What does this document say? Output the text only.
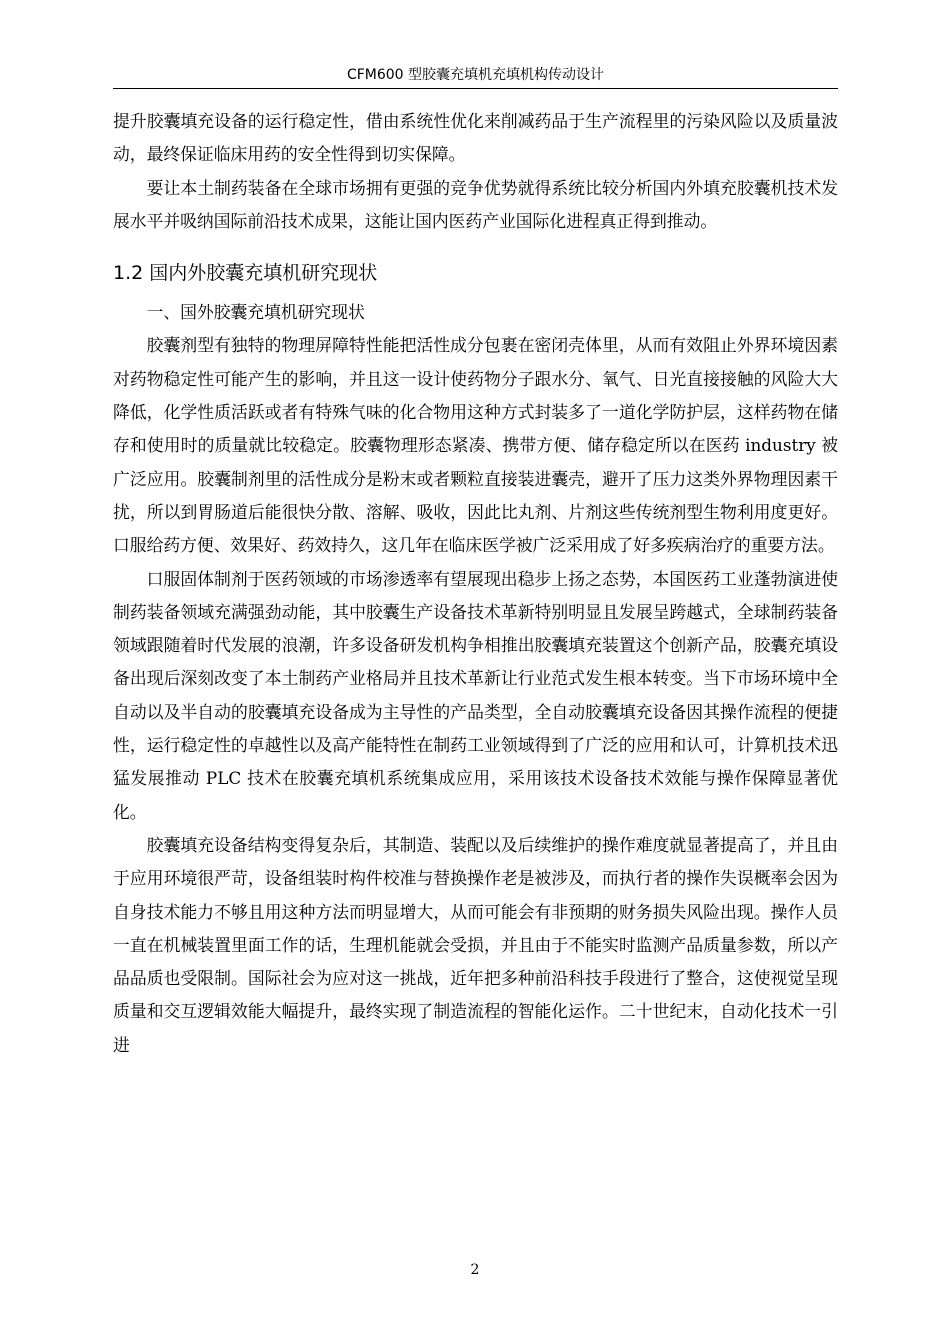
CFM600 型胶囊充填机充填机构传动设计

提升胶囊填充设备的运行稳定性，借由系统性优化来削减药品于生产流程里的污染风险以及质量波动，最终保证临床用药的安全性得到切实保障。

要让本土制药装备在全球市场拥有更强的竞争优势就得系统比较分析国内外填充胶囊机技术发展水平并吸纳国际前沿技术成果，这能让国内医药产业国际化进程真正得到推动。

1.2 国内外胶囊充填机研究现状

一、国外胶囊充填机研究现状

胶囊剂型有独特的物理屏障特性能把活性成分包裹在密闭壳体里，从而有效阻止外界环境因素对药物稳定性可能产生的影响，并且这一设计使药物分子跟水分、氧气、日光直接接触的风险大大降低，化学性质活跃或者有特殊气味的化合物用这种方式封装多了一道化学防护层，这样药物在储存和使用时的质量就比较稳定。胶囊物理形态紧凑、携带方便、储存稳定所以在医药 industry 被广泛应用。胶囊制剂里的活性成分是粉末或者颗粒直接装进囊壳，避开了压力这类外界物理因素干扰，所以到胃肠道后能很快分散、溶解、吸收，因此比丸剂、片剂这些传统剂型生物利用度更好。口服给药方便、效果好、药效持久，这几年在临床医学被广泛采用成了好多疾病治疗的重要方法。

口服固体制剂于医药领域的市场渗透率有望展现出稳步上扬之态势，本国医药工业蓬勃演进使制药装备领域充满强劲动能，其中胶囊生产设备技术革新特别明显且发展呈跨越式，全球制药装备领域跟随着时代发展的浪潮，许多设备研发机构争相推出胶囊填充装置这个创新产品，胶囊充填设备出现后深刻改变了本土制药产业格局并且技术革新让行业范式发生根本转变。当下市场环境中全自动以及半自动的胶囊填充设备成为主导性的产品类型，全自动胶囊填充设备因其操作流程的便捷性，运行稳定性的卓越性以及高产能特性在制药工业领域得到了广泛的应用和认可，计算机技术迅猛发展推动 PLC 技术在胶囊充填机系统集成应用，采用该技术设备技术效能与操作保障显著优化。

胶囊填充设备结构变得复杂后，其制造、装配以及后续维护的操作难度就显著提高了，并且由于应用环境很严苛，设备组装时构件校准与替换操作老是被涉及，而执行者的操作失误概率会因为自身技术能力不够且用这种方法而明显增大，从而可能会有非预期的财务损失风险出现。操作人员一直在机械装置里面工作的话，生理机能就会受损，并且由于不能实时监测产品质量参数，所以产品品质也受限制。国际社会为应对这一挑战，近年把多种前沿科技手段进行了整合，这使视觉呈现质量和交互逻辑效能大幅提升，最终实现了制造流程的智能化运作。二十世纪末，自动化技术一引进

2
